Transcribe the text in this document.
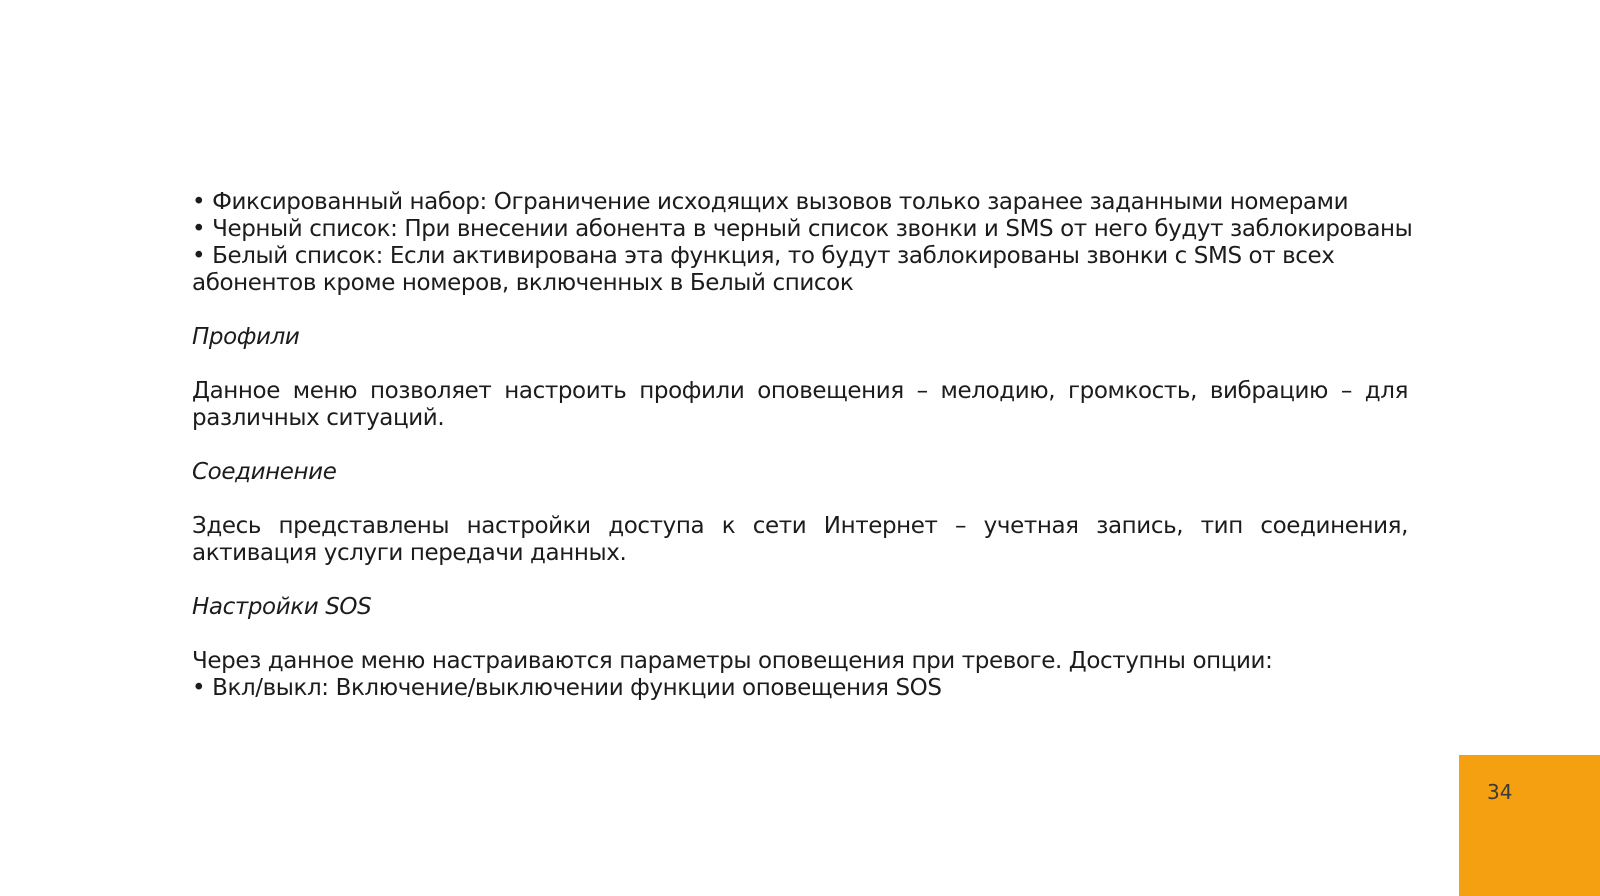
• Фиксированный набор: Ограничение исходящих вызовов только заранее заданными номерами
• Черный список: При внесении абонента в черный список звонки и SMS от него будут заблокированы
• Белый список: Если активирована эта функция, то будут заблокированы звонки с SMS от всех абонентов кроме номеров, включенных в Белый список
Профили
Данное меню позволяет настроить профили оповещения – мелодию, громкость, вибрацию – для различных ситуаций.
Соединение
Здесь представлены настройки доступа к сети Интернет – учетная запись, тип соединения, активация услуги передачи данных.
Настройки SOS
Через данное меню настраиваются параметры оповещения при тревоге. Доступны опции:
• Вкл/выкл: Включение/выключении функции оповещения SOS
34
